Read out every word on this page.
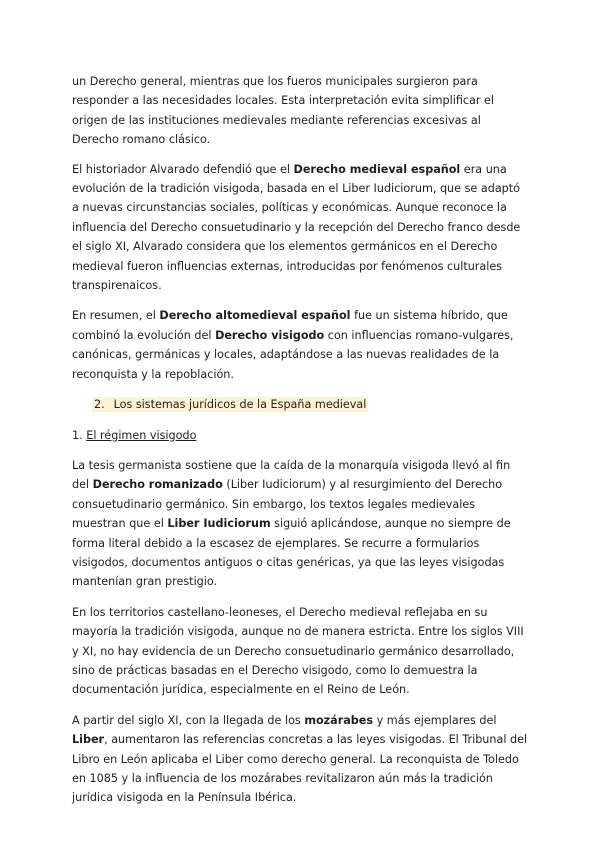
un Derecho general, mientras que los fueros municipales surgieron para responder a las necesidades locales. Esta interpretación evita simplificar el origen de las instituciones medievales mediante referencias excesivas al Derecho romano clásico.

El historiador Alvarado defendió que el Derecho medieval español era una evolución de la tradición visigoda, basada en el Liber Iudiciorum, que se adaptó a nuevas circunstancias sociales, políticas y económicas. Aunque reconoce la influencia del Derecho consuetudinario y la recepción del Derecho franco desde el siglo XI, Alvarado considera que los elementos germánicos en el Derecho medieval fueron influencias externas, introducidas por fenómenos culturales transpirenaicos.

En resumen, el Derecho altomedieval español fue un sistema híbrido, que combinó la evolución del Derecho visigodo con influencias romano-vulgares, canónicas, germánicas y locales, adaptándose a las nuevas realidades de la reconquista y la repoblación.

2. Los sistemas jurídicos de la España medieval
1. El régimen visigodo

La tesis germanista sostiene que la caída de la monarquía visigoda llevó al fin del Derecho romanizado (Liber Iudiciorum) y al resurgimiento del Derecho consuetudinario germánico. Sin embargo, los textos legales medievales muestran que el Liber Iudiciorum siguió aplicándose, aunque no siempre de forma literal debido a la escasez de ejemplares. Se recurre a formularios visigodos, documentos antiguos o citas genéricas, ya que las leyes visigodas mantenían gran prestigio.

En los territorios castellano-leoneses, el Derecho medieval reflejaba en su mayoría la tradición visigoda, aunque no de manera estricta. Entre los siglos VIII y XI, no hay evidencia de un Derecho consuetudinario germánico desarrollado, sino de prácticas basadas en el Derecho visigodo, como lo demuestra la documentación jurídica, especialmente en el Reino de León.

A partir del siglo XI, con la llegada de los mozárabes y más ejemplares del Liber, aumentaron las referencias concretas a las leyes visigodas. El Tribunal del Libro en León aplicaba el Liber como derecho general. La reconquista de Toledo en 1085 y la influencia de los mozárabes revitalizaron aún más la tradición jurídica visigoda en la Península Ibérica.
